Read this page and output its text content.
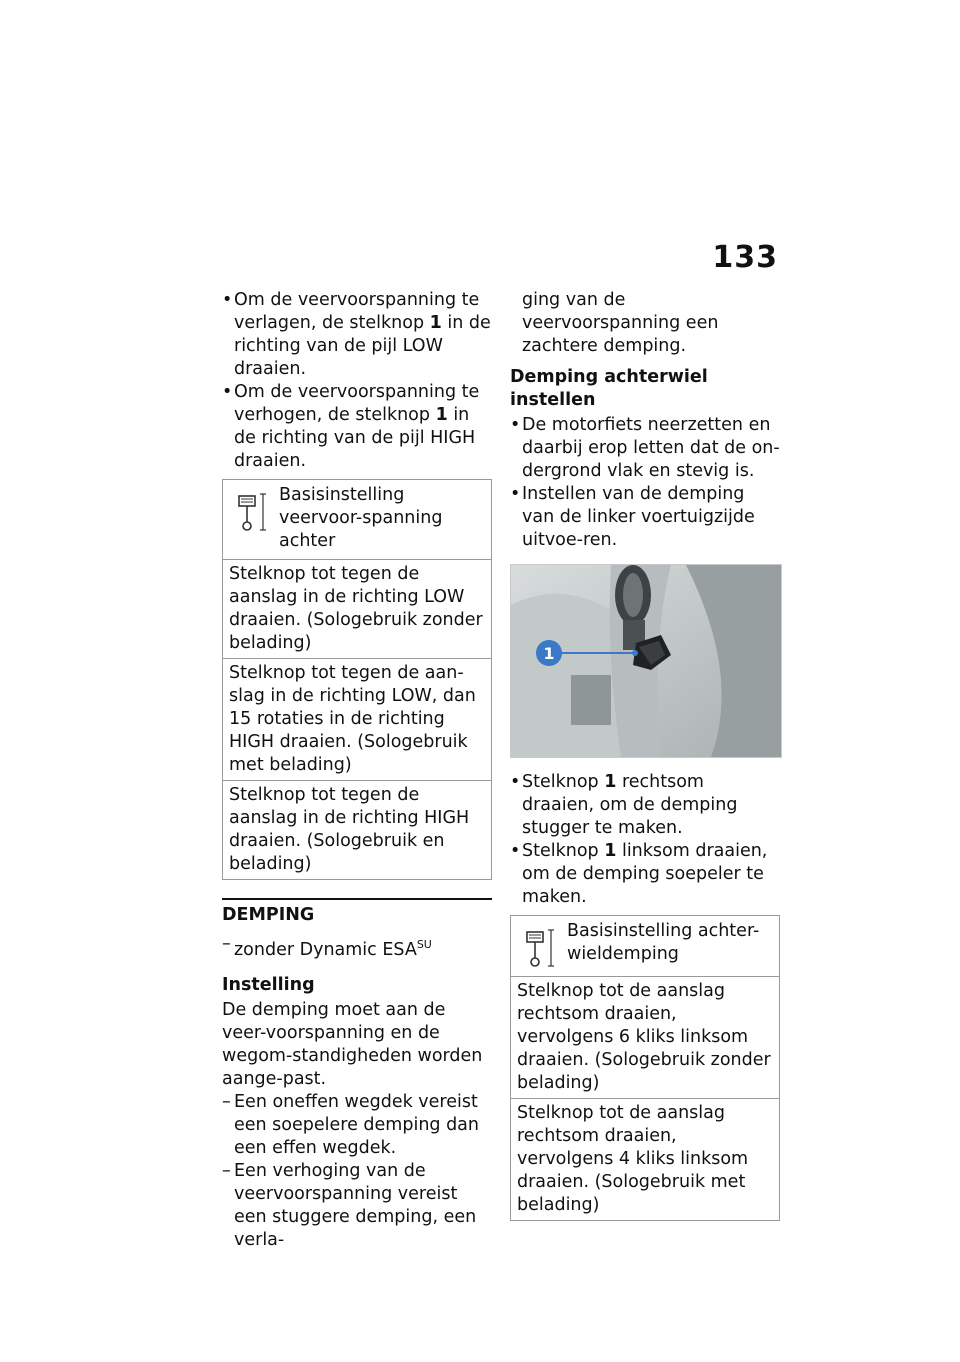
133

• Om de veervoorspanning te verlagen, de stelknop 1 in de richting van de pijl LOW draaien.

• Om de veervoorspanning te verhogen, de stelknop 1 in de richting van de pijl HIGH draaien.

Basisinstelling veervoor-spanning achter
Stelknop tot tegen de aanslag in de richting LOW draaien. (Sologebruik zonder belading)
Stelknop tot tegen de aan-slag in de richting LOW, dan 15 rotaties in de richting HIGH draaien. (Sologebruik met belading)
Stelknop tot tegen de aanslag in de richting HIGH draaien. (Sologebruik en belading)
DEMPING

– zonder Dynamic $ESA^{SU}$

Instelling

De demping moet aan de veer-voorspanning en de wegom-standigheden worden aange-past.

– Een oneffen wegdek vereist een soepelere demping dan een effen wegdek.

– Een verhoging van de veervoorspanning vereist een stuggere demping, een verla-

ging van de veervoorspanning een zachtere demping.

Demping achterwiel instellen

• De motorfiets neerzetten en daarbij erop letten dat de on-dergrond vlak en stevig is.

• Instellen van de demping van de linker voertuigzijde uitvoe-ren.

1

• Stelknop 1 rechtsom draaien, om de demping stugger te maken.

• Stelknop 1 linksom draaien, om de demping soepeler te maken.

Basisinstelling achter-wieldemping
Stelknop tot de aanslag rechtsom draaien, vervolgens 6 kliks linksom draaien. (Sologebruik zonder belading)
Stelknop tot de aanslag rechtsom draaien, vervolgens 4 kliks linksom draaien. (Sologebruik met belading)
